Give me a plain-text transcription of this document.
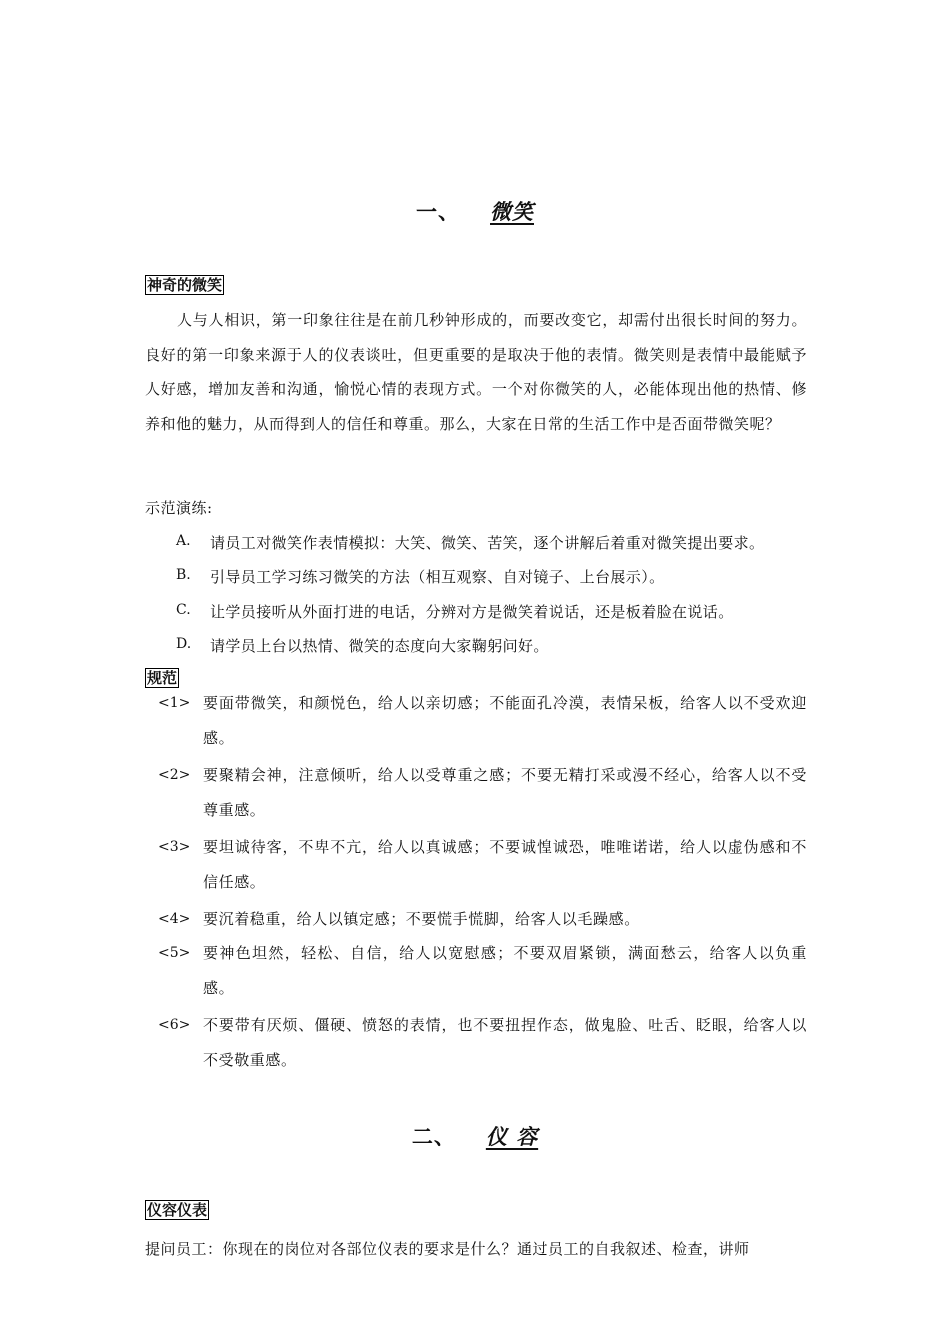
一、 微笑
神奇的微笑
人与人相识，第一印象往往是在前几秒钟形成的，而要改变它，却需付出很长时间的努力。良好的第一印象来源于人的仪表谈吐，但更重要的是取决于他的表情。微笑则是表情中最能赋予人好感，增加友善和沟通，愉悦心情的表现方式。一个对你微笑的人，必能体现出他的热情、修养和他的魅力，从而得到人的信任和尊重。那么，大家在日常的生活工作中是否面带微笑呢？
示范演练:
A. 请员工对微笑作表情模拟：大笑、微笑、苦笑，逐个讲解后着重对微笑提出要求。
B. 引导员工学习练习微笑的方法（相互观察、自对镜子、上台展示）。
C. 让学员接听从外面打进的电话，分辨对方是微笑着说话，还是板着脸在说话。
D. 请学员上台以热情、微笑的态度向大家鞠躬问好。
规范
<1> 要面带微笑，和颜悦色，给人以亲切感；不能面孔冷漠，表情呆板，给客人以不受欢迎感。
<2> 要聚精会神，注意倾听，给人以受尊重之感；不要无精打采或漫不经心，给客人以不受尊重感。
<3> 要坦诚待客，不卑不亢，给人以真诚感；不要诚惶诚恐，唯唯诺诺，给人以虚伪感和不信任感。
<4> 要沉着稳重，给人以镇定感；不要慌手慌脚，给客人以毛躁感。
<5> 要神色坦然，轻松、自信，给人以宽慰感；不要双眉紧锁，满面愁云，给客人以负重感。
<6> 不要带有厌烦、僵硬、愤怒的表情，也不要扭捏作态，做鬼脸、吐舌、眨眼，给客人以不受敬重感。
二、 仪 容
仪容仪表
提问员工：你现在的岗位对各部位仪表的要求是什么？通过员工的自我叙述、检查，讲师
